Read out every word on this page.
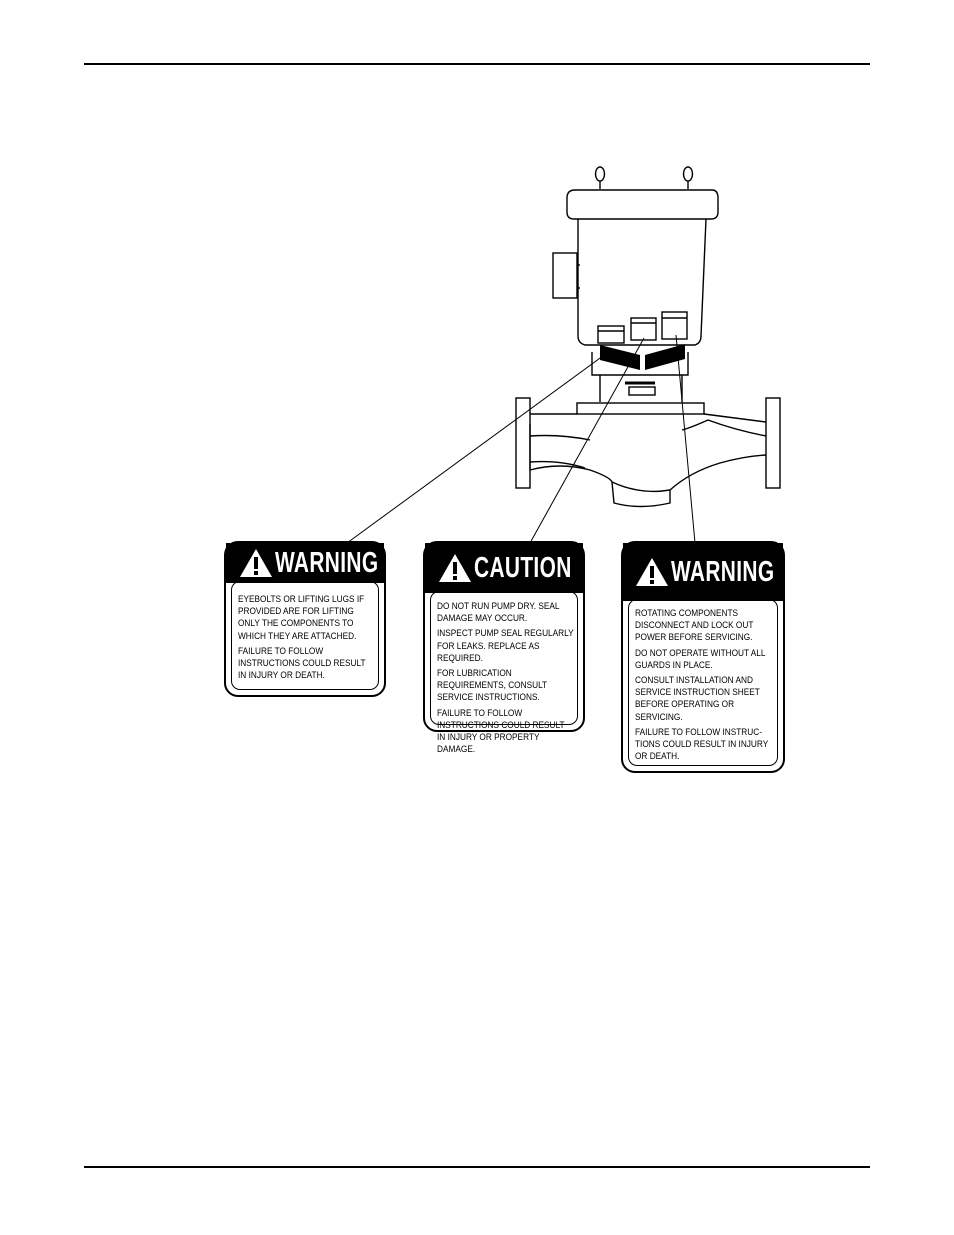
WARNING

EYEBOLTS OR LIFTING LUGS IF PROVIDED ARE FOR LIFTING ONLY THE COMPONENTS TO WHICH THEY ARE ATTACHED.

FAILURE TO FOLLOW INSTRUCTIONS COULD RESULT IN INJURY OR DEATH.

CAUTION

DO NOT RUN PUMP DRY. SEAL DAMAGE MAY OCCUR.

INSPECT PUMP SEAL REGULARLY FOR LEAKS. REPLACE AS REQUIRED.

FOR LUBRICATION REQUIREMENTS, CONSULT SERVICE INSTRUCTIONS.

FAILURE TO FOLLOW INSTRUCTIONS COULD RESULT IN INJURY OR PROPERTY DAMAGE.

WARNING

ROTATING COMPONENTS

DISCONNECT AND LOCK OUT POWER BEFORE SERVICING.

DO NOT OPERATE WITHOUT ALL GUARDS IN PLACE.

CONSULT INSTALLATION AND SERVICE INSTRUCTION SHEET BEFORE OPERATING OR SERVICING.

FAILURE TO FOLLOW INSTRUC- TIONS COULD RESULT IN INJURY OR DEATH.
